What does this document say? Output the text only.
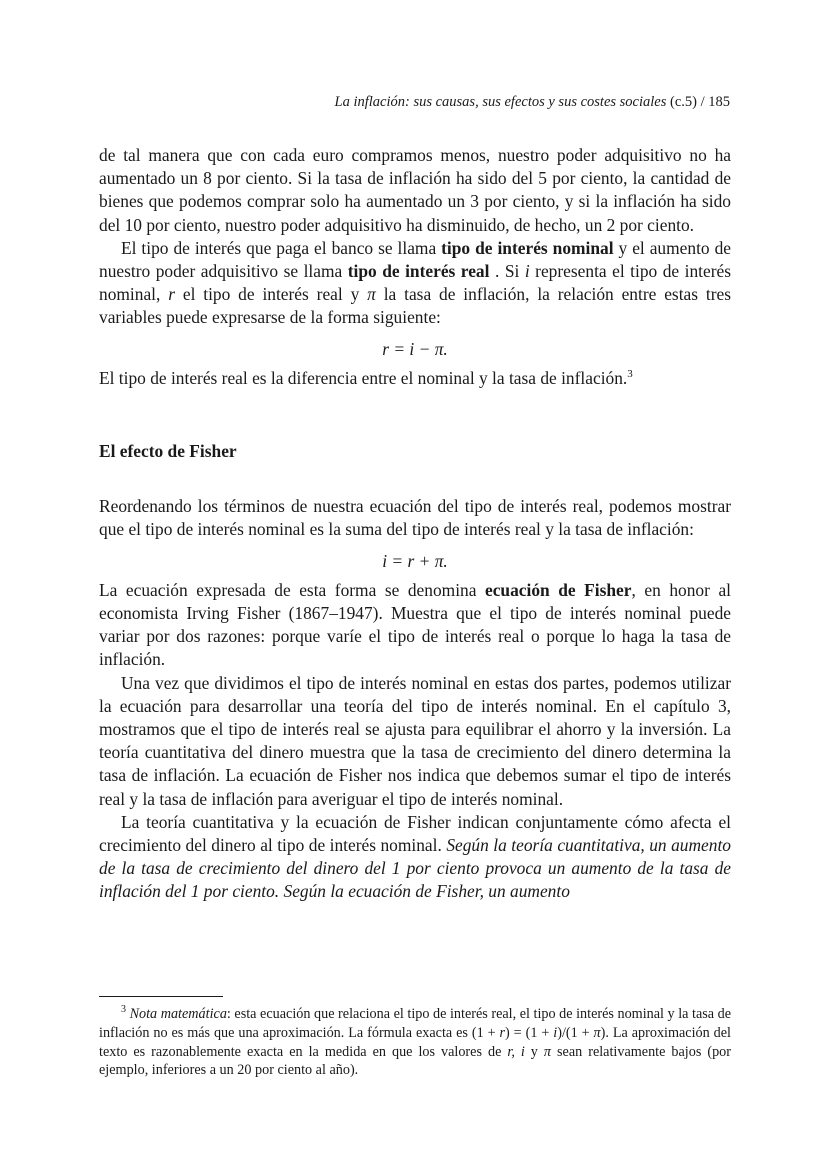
La inflación: sus causas, sus efectos y sus costes sociales (c.5) / 185

de tal manera que con cada euro compramos menos, nuestro poder adquisitivo no ha aumentado un 8 por ciento. Si la tasa de inflación ha sido del 5 por ciento, la cantidad de bienes que podemos comprar solo ha aumentado un 3 por ciento, y si la inflación ha sido del 10 por ciento, nuestro poder adquisitivo ha disminuido, de hecho, un 2 por ciento.

El tipo de interés que paga el banco se llama tipo de interés nominal y el aumento de nuestro poder adquisitivo se llama tipo de interés real . Si i representa el tipo de interés nominal, r el tipo de interés real y π la tasa de inflación, la relación entre estas tres variables puede expresarse de la forma siguiente:

r = i − π.

El tipo de interés real es la diferencia entre el nominal y la tasa de inflación.$^3$

El efecto de Fisher

Reordenando los términos de nuestra ecuación del tipo de interés real, podemos mostrar que el tipo de interés nominal es la suma del tipo de interés real y la tasa de inflación:

i = r + π.

La ecuación expresada de esta forma se denomina ecuación de Fisher, en honor al economista Irving Fisher (1867–1947). Muestra que el tipo de interés nominal puede variar por dos razones: porque varíe el tipo de interés real o porque lo haga la tasa de inflación.

Una vez que dividimos el tipo de interés nominal en estas dos partes, podemos utilizar la ecuación para desarrollar una teoría del tipo de interés nominal. En el capítulo 3, mostramos que el tipo de interés real se ajusta para equilibrar el ahorro y la inversión. La teoría cuantitativa del dinero muestra que la tasa de crecimiento del dinero determina la tasa de inflación. La ecuación de Fisher nos indica que debemos sumar el tipo de interés real y la tasa de inflación para averiguar el tipo de interés nominal.

La teoría cuantitativa y la ecuación de Fisher indican conjuntamente cómo afecta el crecimiento del dinero al tipo de interés nominal. Según la teoría cuantitativa, un aumento de la tasa de crecimiento del dinero del 1 por ciento provoca un aumento de la tasa de inflación del 1 por ciento. Según la ecuación de Fisher, un aumento

$^3$ Nota matemática: esta ecuación que relaciona el tipo de interés real, el tipo de interés nominal y la tasa de inflación no es más que una aproximación. La fórmula exacta es (1 + r) = (1 + i)/(1 + π). La aproximación del texto es razonablemente exacta en la medida en que los valores de r, i y π sean relativamente bajos (por ejemplo, inferiores a un 20 por ciento al año).
